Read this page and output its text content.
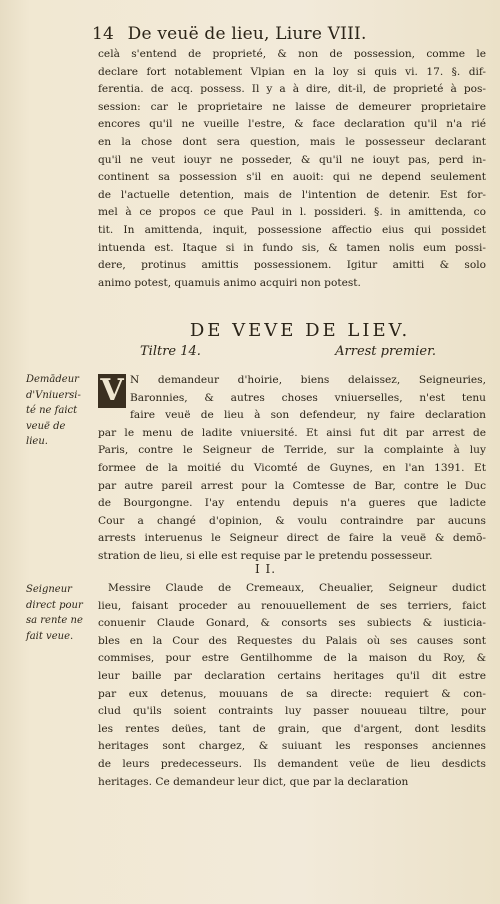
14 De veuë de lieu, Liure VIII.
celà s'entend de proprieté, & non de possession, comme le
declare fort notablement Vlpian en la loy si quis vi. 17. §. dif-
ferentia. de acq. possess. Il y a à dire, dit-il, de proprieté à pos-
session: car le proprietaire ne laisse de demeurer proprietaire
encores qu'il ne vueille l'estre, & face declaration qu'il n'a rié
en la chose dont sera question, mais le possesseur declarant
qu'il ne veut iouyr ne posseder, & qu'il ne iouyt pas, perd in-
continent sa possession s'il en auoit: qui ne depend seulement
de l'actuelle detention, mais de l'intention de detenir. Est for-
mel à ce propos ce que Paul in l. possideri. §. in amittenda, co
tit. In amittenda, inquit, possessione affectio eius qui possidet
intuenda est. Itaque si in fundo sis, & tamen nolis eum possi-
dere, protinus amittis possessionem. Igitur amitti & solo
animo potest, quamuis animo acquiri non potest.
DE VEVE DE LIEV.
Tiltre 14.	Arrest premier.
Demādeur
d'Vniuersi-
té ne faict
veuë de
lieu.
V N demandeur d'hoirie, biens delaissez, Seigneuries,
Baronnies, & autres choses vniuerselles, n'est tenu
faire veuë de lieu à son defendeur, ny faire declaration
par le menu de ladite vniuersité. Et ainsi fut dit par arrest de
Paris, contre le Seigneur de Terride, sur la complainte à luy
formee de la moitié du Vicomté de Guynes, en l'an 1391. Et
par autre pareil arrest pour la Comtesse de Bar, contre le Duc
de Bourgongne. I'ay entendu depuis n'a gueres que ladicte
Cour a changé d'opinion, & voulu contraindre par aucuns
arrests interuenus le Seigneur direct de faire la veuë & demõ-
stration de lieu, si elle est requise par le pretendu possesseur.
I I.
Seigneur
direct pour
sa rente ne
fait veue.
Messire Claude de Cremeaux, Cheualier, Seigneur dudict
lieu, faisant proceder au renouuellement de ses terriers, faict
conuenir Claude Gonard, & consorts ses subiects & iusticia-
bles en la Cour des Requestes du Palais où ses causes sont
commises, pour estre Gentilhomme de la maison du Roy, &
leur baille par declaration certains heritages qu'il dit estre
par eux detenus, mouuans de sa directe: requiert & con-
clud qu'ils soient contraints luy passer nouueau tiltre, pour
les rentes deües, tant de grain, que d'argent, dont lesdits
heritages sont chargez, & suiuant les responses anciennes
de leurs predecesseurs. Ils demandent veüe de lieu desdicts
heritages. Ce demandeur leur dict, que par la declaration
